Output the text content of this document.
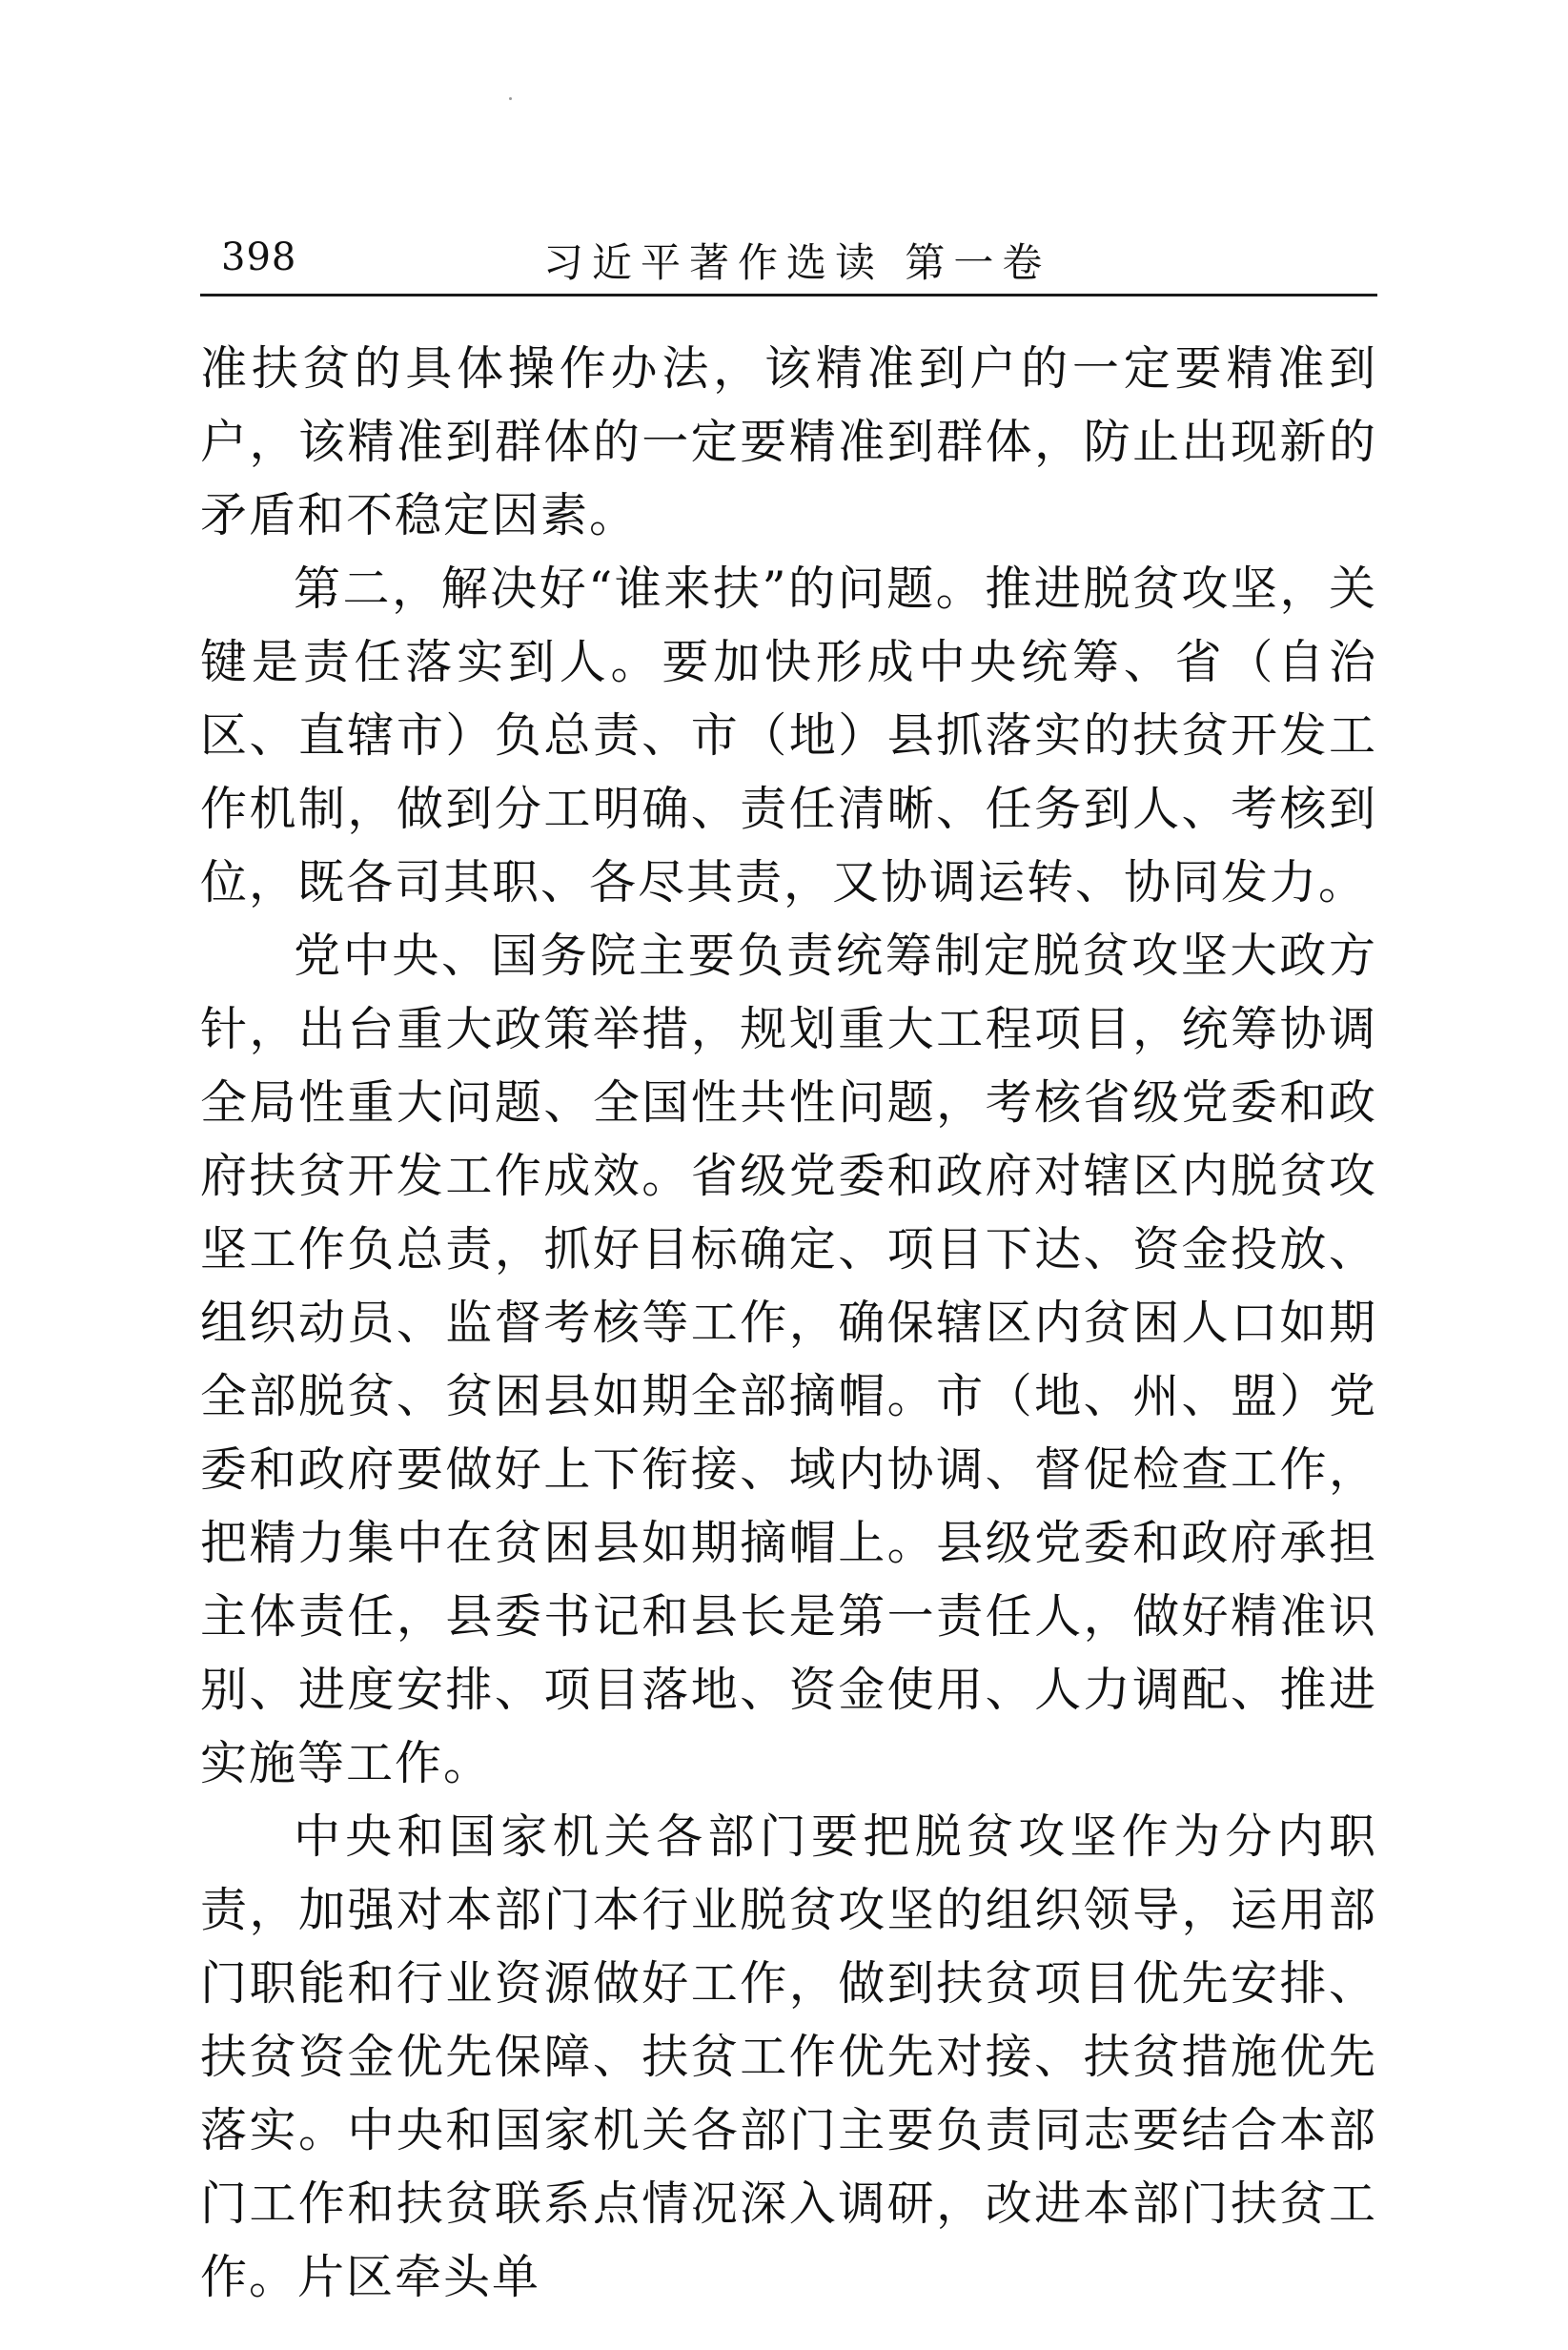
398	习近平著作选读 第一卷

准扶贫的具体操作办法，该精准到户的一定要精准到户，该精准到群体的一定要精准到群体，防止出现新的矛盾和不稳定因素。

第二，解决好“谁来扶”的问题。推进脱贫攻坚，关键是责任落实到人。要加快形成中央统筹、省（自治区、直辖市）负总责、市（地）县抓落实的扶贫开发工作机制，做到分工明确、责任清晰、任务到人、考核到位，既各司其职、各尽其责，又协调运转、协同发力。

党中央、国务院主要负责统筹制定脱贫攻坚大政方针，出台重大政策举措，规划重大工程项目，统筹协调全局性重大问题、全国性共性问题，考核省级党委和政府扶贫开发工作成效。省级党委和政府对辖区内脱贫攻坚工作负总责，抓好目标确定、项目下达、资金投放、组织动员、监督考核等工作，确保辖区内贫困人口如期全部脱贫、贫困县如期全部摘帽。市（地、州、盟）党委和政府要做好上下衔接、域内协调、督促检查工作，把精力集中在贫困县如期摘帽上。县级党委和政府承担主体责任，县委书记和县长是第一责任人，做好精准识别、进度安排、项目落地、资金使用、人力调配、推进实施等工作。

中央和国家机关各部门要把脱贫攻坚作为分内职责，加强对本部门本行业脱贫攻坚的组织领导，运用部门职能和行业资源做好工作，做到扶贫项目优先安排、扶贫资金优先保障、扶贫工作优先对接、扶贫措施优先落实。中央和国家机关各部门主要负责同志要结合本部门工作和扶贫联系点情况深入调研，改进本部门扶贫工作。片区牵头单
